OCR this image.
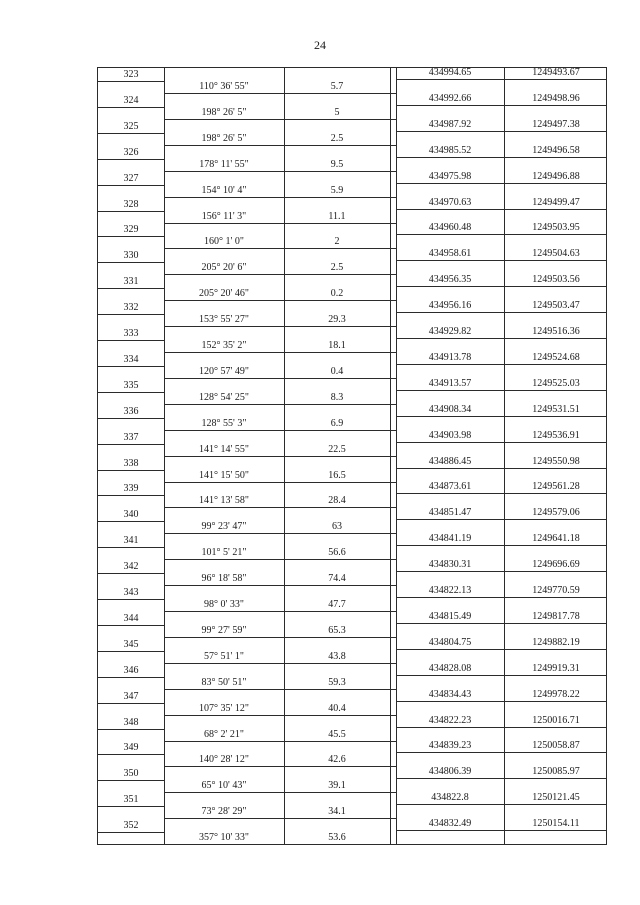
24
323	434994.65	1249493.67
324	434992.66	1249498.96
325	434987.92	1249497.38
326	434985.52	1249496.58
327	434975.98	1249496.88
328	434970.63	1249499.47
329	434960.48	1249503.95
330	434958.61	1249504.63
331	434956.35	1249503.56
332	434956.16	1249503.47
333	434929.82	1249516.36
334	434913.78	1249524.68
335	434913.57	1249525.03
336	434908.34	1249531.51
337	434903.98	1249536.91
338	434886.45	1249550.98
339	434873.61	1249561.28
340	434851.47	1249579.06
341	434841.19	1249641.18
342	434830.31	1249696.69
343	434822.13	1249770.59
344	434815.49	1249817.78
345	434804.75	1249882.19
346	434828.08	1249919.31
347	434834.43	1249978.22
348	434822.23	1250016.71
349	434839.23	1250058.87
350	434806.39	1250085.97
351	434822.8	1250121.45
352	434832.49	1250154.11
110° 36' 55"	5.7
198° 26' 5"	5
198° 26' 5"	2.5
178° 11' 55"	9.5
154° 10' 4"	5.9
156° 11' 3"	11.1
160° 1' 0"	2
205° 20' 6"	2.5
205° 20' 46"	0.2
153° 55' 27"	29.3
152° 35' 2"	18.1
120° 57' 49"	0.4
128° 54' 25"	8.3
128° 55' 3"	6.9
141° 14' 55"	22.5
141° 15' 50"	16.5
141° 13' 58"	28.4
99° 23' 47"	63
101° 5' 21"	56.6
96° 18' 58"	74.4
98° 0' 33"	47.7
99° 27' 59"	65.3
57° 51' 1"	43.8
83° 50' 51"	59.3
107° 35' 12"	40.4
68° 2' 21"	45.5
140° 28' 12"	42.6
65° 10' 43"	39.1
73° 28' 29"	34.1
357° 10' 33"	53.6
